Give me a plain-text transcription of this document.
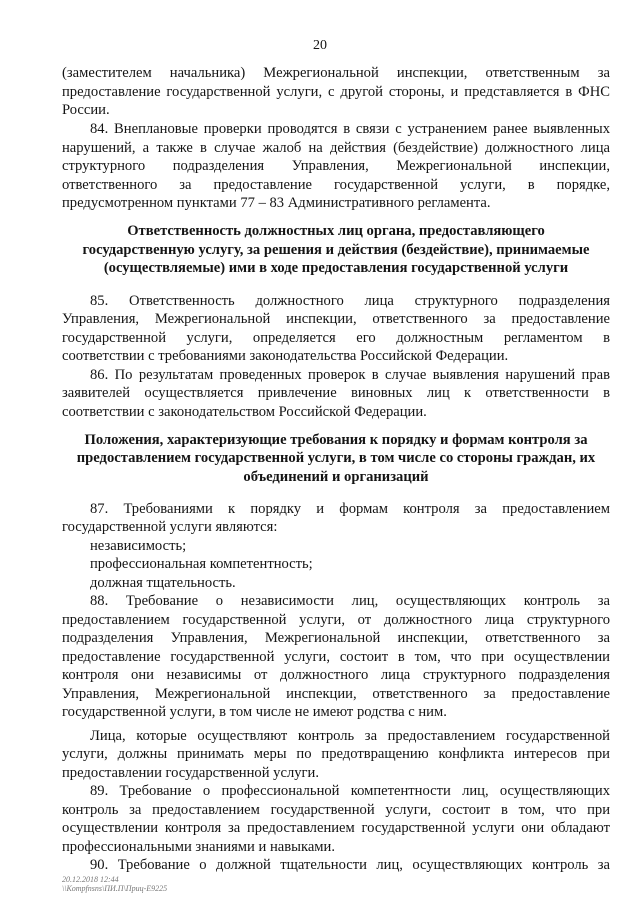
20
(заместителем начальника) Межрегиональной инспекции, ответственным за
предоставление государственной услуги, с другой стороны, и представляется в ФНС
России.
84. Внеплановые проверки проводятся в связи с устранением ранее выявленных
нарушений, а также в случае жалоб на действия (бездействие) должностного лица
структурного подразделения Управления, Межрегиональной инспекции,
ответственного за предоставление государственной услуги, в порядке,
предусмотренном пунктами 77 – 83 Административного регламента.
Ответственность должностных лиц органа, предоставляющего
государственную услугу, за решения и действия (бездействие), принимаемые
(осуществляемые) ими в ходе предоставления государственной услуги
85. Ответственность должностного лица структурного подразделения
Управления, Межрегиональной инспекции, ответственного за предоставление
государственной услуги, определяется его должностным регламентом в
соответствии с требованиями законодательства Российской Федерации.
86. По результатам проведенных проверок в случае выявления нарушений прав
заявителей осуществляется привлечение виновных лиц к ответственности в
соответствии с законодательством Российской Федерации.
Положения, характеризующие требования к порядку и формам контроля за
предоставлением государственной услуги, в том числе со стороны граждан, их
объединений и организаций
87. Требованиями к порядку и формам контроля за предоставлением
государственной услуги являются:
независимость;
профессиональная компетентность;
должная тщательность.
88. Требование о независимости лиц, осуществляющих контроль за
предоставлением государственной услуги, от должностного лица структурного
подразделения Управления, Межрегиональной инспекции, ответственного за
предоставление государственной услуги, состоит в том, что при осуществлении
контроля они независимы от должностного лица структурного подразделения
Управления, Межрегиональной инспекции, ответственного за предоставление
государственной услуги, в том числе не имеют родства с ним.
Лица, которые осуществляют контроль за предоставлением государственной
услуги, должны принимать меры по предотвращению конфликта интересов при
предоставлении государственной услуги.
89. Требование о профессиональной компетентности лиц, осуществляющих
контроль за предоставлением государственной услуги, состоит в том, что при
осуществлении контроля за предоставлением государственной услуги они обладают
профессиональными знаниями и навыками.
90. Требование о должной тщательности лиц, осуществляющих контроль за
20.12.2018 12:44
\\Kompfnsns\ПИ.П\Приц-Е9225
